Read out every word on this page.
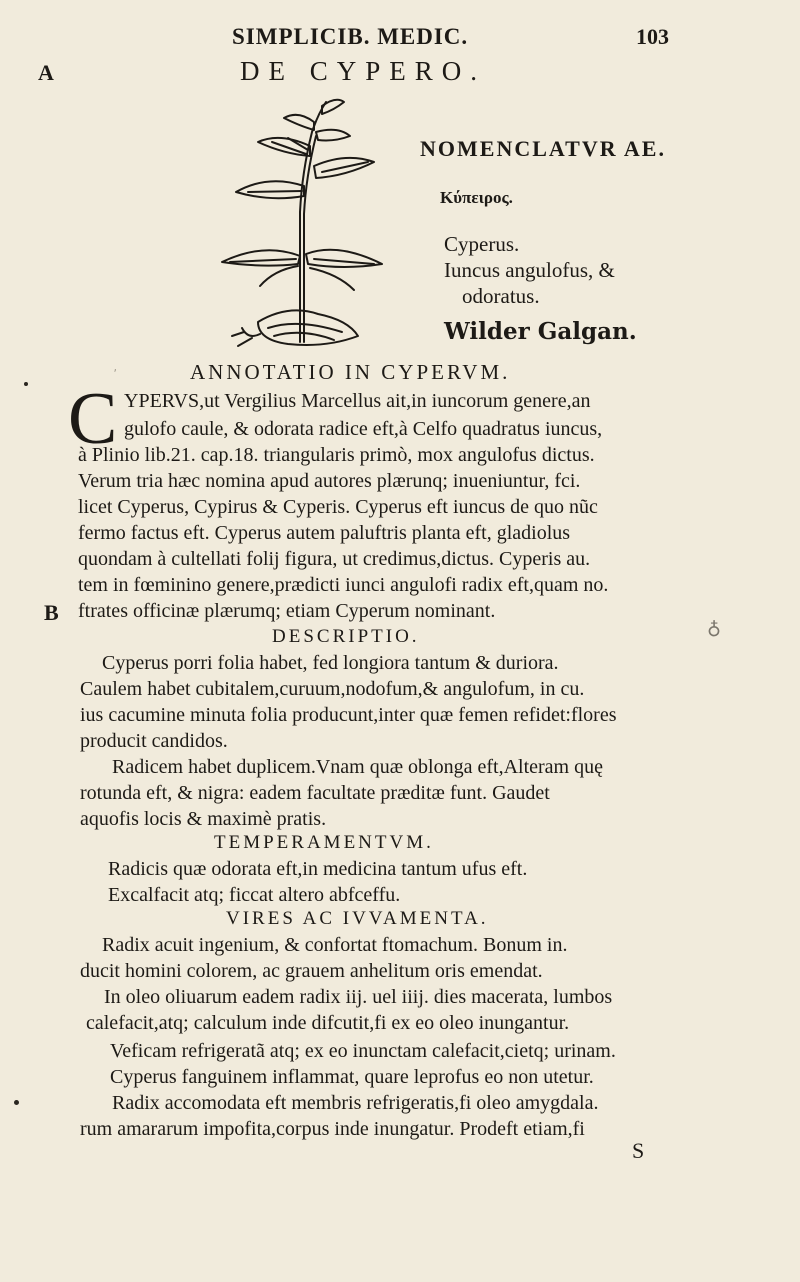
SIMPLICIB. MEDIC.	103
DE CYPERO.
A
NOMENCLATVR AE.
Κύπειρος.
Cyperus.
Iuncus angulofus, &
odoratus.
Wilder Galgan.
ANNOTATIO IN CYPERVM.
C YPERVS,ut Vergilius Marcellus ait,in iuncorum genere,an
gulofo caule, & odorata radice eft,à Celfo quadratus iuncus,
à Plinio lib.21. cap.18. triangularis primò, mox angulofus dictus.
Verum tria hæc nomina apud autores plærunq; inueniuntur, fci.
licet Cyperus, Cypirus & Cyperis. Cyperus eft iuncus de quo nũc
fermo factus eft. Cyperus autem paluftris planta eft, gladiolus
quondam à cultellati folij figura, ut credimus,dictus. Cyperis au.
tem in fœminino genere,prædicti iunci angulofi radix eft,quam no.
B ftrates officinæ plærumq; etiam Cyperum nominant.
♁
DESCRIPTIO.
Cyperus porri folia habet, fed longiora tantum & duriora.
Caulem habet cubitalem,curuum,nodofum,& angulofum, in cu.
ius cacumine minuta folia producunt,inter quæ femen refidet:flores
producit candidos.
Radicem habet duplicem.Vnam quæ oblonga eft,Alteram quę
rotunda eft, & nigra: eadem facultate præditæ funt. Gaudet
aquofis locis & maximè pratis.
TEMPERAMENTVM.
Radicis quæ odorata eft,in medicina tantum ufus eft.
Excalfacit atq; ficcat altero abfceffu.
VIRES AC IVVAMENTA.
Radix acuit ingenium, & confortat ftomachum. Bonum in.
ducit homini colorem, ac grauem anhelitum oris emendat.
In oleo oliuarum eadem radix iij. uel iiij. dies macerata, lumbos
calefacit,atq; calculum inde difcutit,fi ex eo oleo inungantur.
Veficam refrigeratã atq; ex eo inunctam calefacit,cietq; urinam.
Cyperus fanguinem inflammat, quare leprofus eo non utetur.
Radix accomodata eft membris refrigeratis,fi oleo amygdala.
rum amararum impofita,corpus inde inungatur. Prodeft etiam,fi
S
ʹ
